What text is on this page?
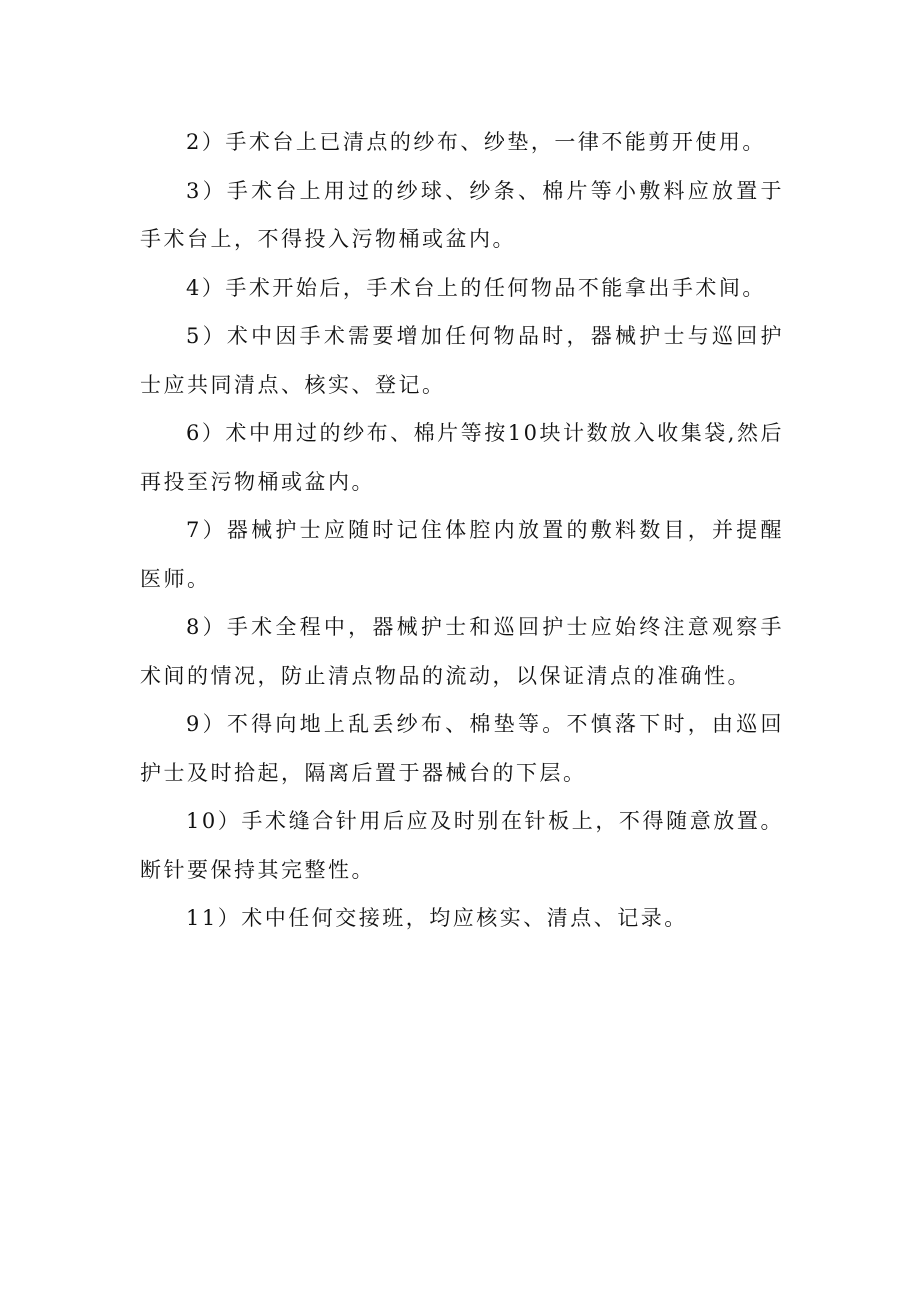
2）手术台上已清点的纱布、纱垫，一律不能剪开使用。

3）手术台上用过的纱球、纱条、棉片等小敷料应放置于手术台上，不得投入污物桶或盆内。

4）手术开始后，手术台上的任何物品不能拿出手术间。

5）术中因手术需要增加任何物品时，器械护士与巡回护士应共同清点、核实、登记。

6）术中用过的纱布、棉片等按10块计数放入收集袋,然后再投至污物桶或盆内。

7）器械护士应随时记住体腔内放置的敷料数目，并提醒医师。

8）手术全程中，器械护士和巡回护士应始终注意观察手术间的情况，防止清点物品的流动，以保证清点的准确性。

9）不得向地上乱丢纱布、棉垫等。不慎落下时，由巡回护士及时拾起，隔离后置于器械台的下层。

10）手术缝合针用后应及时别在针板上，不得随意放置。断针要保持其完整性。

11）术中任何交接班，均应核实、清点、记录。
